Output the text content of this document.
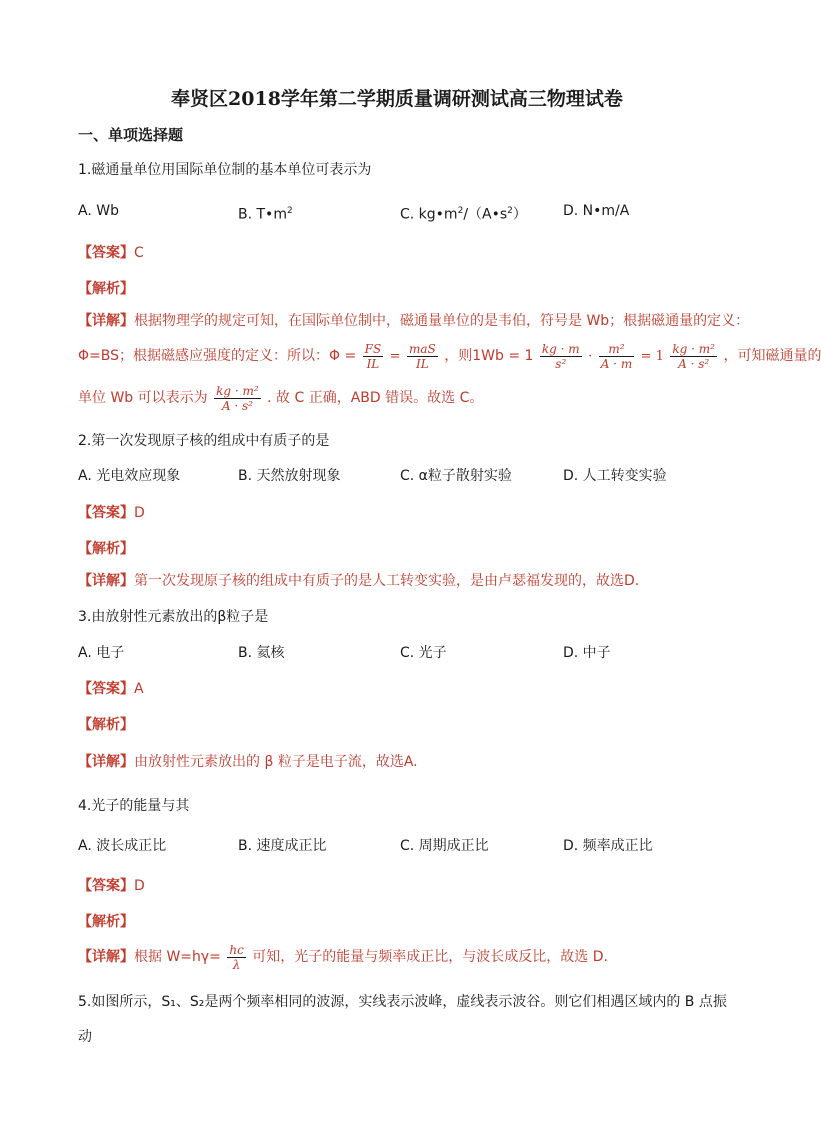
奉贤区2018学年第二学期质量调研测试高三物理试卷
一、单项选择题
1.磁通量单位用国际单位制的基本单位可表示为
A. Wb	B. $T•m^2$	C. $kg•m^2/(A•s^2)$	D. N•m/A
【答案】C
【解析】
【详解】根据物理学的规定可知，在国际单位制中，磁通量单位的是韦伯，符号是 Wb；根据磁通量的定义：
Φ=BS；根据磁感应强度的定义：所以：$\Phi = \frac{FS}{IL} = \frac{\text{maS}}{IL}$ ，则$1Wb = 1 \frac{kg \cdot m}{\text{s²}} \cdot \frac{\text{m²}}{A \cdot m} = 1 \frac{\text{kg · m²}}{\text{A · s²}}$ ，可知磁通量的
单位 Wb 可以表示为 $\frac{\text{kg · m²}}{\text{A · s²}}$ . 故 C 正确，ABD 错误。故选 C。
2.第一次发现原子核的组成中有质子的是
A. 光电效应现象	B. 天然放射现象	C. α粒子散射实验	D. 人工转变实验
【答案】D
【解析】
【详解】第一次发现原子核的组成中有质子的是人工转变实验，是由卢瑟福发现的，故选D.
3.由放射性元素放出的β粒子是
A. 电子	B. 氦核	C. 光子	D. 中子
【答案】A
【解析】
【详解】由放射性元素放出的 β 粒子是电子流，故选A.
4.光子的能量与其
A. 波长成正比	B. 速度成正比	C. 周期成正比	D. 频率成正比
【答案】D
【解析】
【详解】根据 $W=h\gamma= \frac{hc}{\lambda}$ 可知，光子的能量与频率成正比，与波长成反比，故选 D.
5.如图所示，S₁、S₂是两个频率相同的波源，实线表示波峰，虚线表示波谷。则它们相遇区域内的 B 点振
动
